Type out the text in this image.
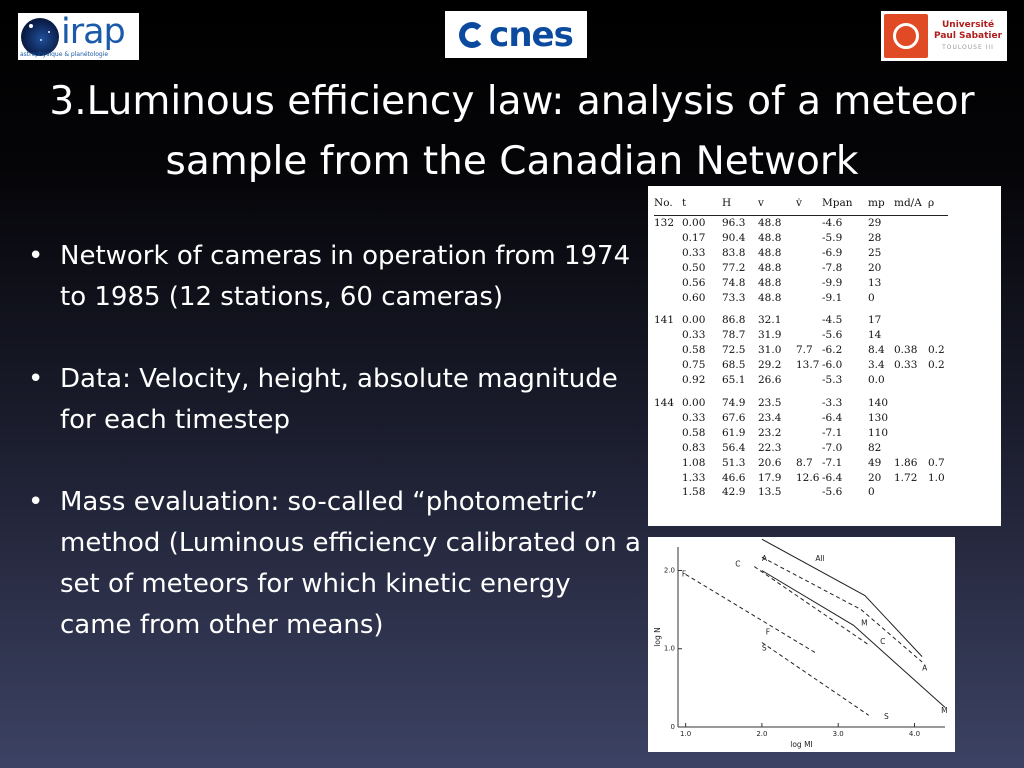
irap
astrophysique & planétologie	cnes	Université
Paul Sabatier
TOULOUSE III
3.Luminous efficiency law: analysis of a meteor
sample from the Canadian Network
• Network of cameras in operation from 1974 to 1985 (12 stations, 60 cameras)
• Data: Velocity, height, absolute magnitude for each timestep
• Mass evaluation: so-called “photometric” method (Luminous efficiency calibrated on a set of meteors for which kinetic energy came from other means)
No.	t	H	v	v̇	Mpan	mp	md/A	ρ
132	0.00	96.3	48.8		-4.6	29		
	0.17	90.4	48.8		-5.9	28		
	0.33	83.8	48.8		-6.9	25		
	0.50	77.2	48.8		-7.8	20		
	0.56	74.8	48.8		-9.9	13		
	0.60	73.3	48.8		-9.1	0		

141	0.00	86.8	32.1		-4.5	17		
	0.33	78.7	31.9		-5.6	14		
	0.58	72.5	31.0	7.7	-6.2	8.4	0.38	0.2
	0.75	68.5	29.2	13.7	-6.0	3.4	0.33	0.2
	0.92	65.1	26.6		-5.3	0.0		

144	0.00	74.9	23.5		-3.3	140		
	0.33	67.6	23.4		-6.4	130		
	0.58	61.9	23.2		-7.1	110		
	0.83	56.4	22.3		-7.0	82		
	1.08	51.3	20.6	8.7	-7.1	49	1.86	0.7
	1.33	46.6	17.9	12.6	-6.4	20	1.72	1.0
	1.58	42.9	13.5		-5.6	0		
1.0	2.0	3.0	4.0
0
1.0
2.0
log MI
log N
All
A
C
F
M
C
A
F
S
M
S
